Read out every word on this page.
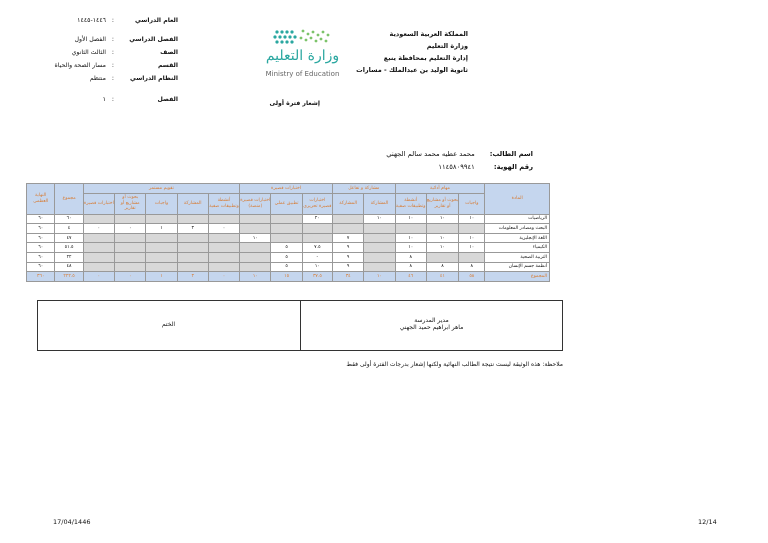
المملكة العربية السعودية
وزارة التعليم
إدارة التعليم بمحافظة ينبع
ثانوية الوليد بن عبدالملك - مسارات
وزارة التعليم
Ministry of Education
العام الدراسي
:
١٤٤٦-١٤٤٥
الفصل الدراسي
:
الفصل الأول
الصف
:
الثالث الثانوي
القسم
:
مسار الصحة والحياة
النظام الدراسي
:
منتظم
الفصل
:
١
إشعار فترة أولى
اسم الطالب: محمد عطيه محمد سالم الجهني
رقم الهوية: ١١٤٥٨٠٩٩٤١
المادة	مهام أدائية			مشاركة و تفاعل		اختبارات قصيرة			تقويم مستمر					مجموع	النهاية العظمى
	واجبات	بحوث أو مشاريع أو تقارير	أنشطة وتطبيقات صفية	المشاركة	المشاركة	اختبارات قصيرة تحريري	تطبيق عملي	اختبارات قصيرة (منصة)	أنشطة وتطبيقات صفية	المشاركة	واجبات	بحوث أو مشاريع أو تقارير	اختبارات قصيرة		
الرياضيات	١٠	١٠	١٠	١٠		٢٠								٦٠	٦٠
البحث ومصادر المعلومات									٠	٣	١	٠	٠	٤	٦٠
اللغة الإنجليزية	١٠	١٠	١٠		٧			١٠						٤٧	٦٠
الكيمياء	١٠	١٠	١٠		٩	٧.٥	٥							٥١.٥	٦٠
التربية الصحية			٨		٩	-	٥							٢٢	٦٠
أنظمة جسم الإنسان	٨	٨	٨		٩	١٠	٥							٤٨	٦٠
المجموع	٥٨	٤١	٤٦	١٠	٣٤	٣٧.٥	١٥	١٠	٠	٣	١	٠	٠	٢٢٢.٥	٣٦٠
مدير المدرسة
ماهر ابراهيم حميد الجهني
الختم
ملاحظة: هذه الوثيقة ليست نتيجة الطالب النهائية ولكنها إشعار بدرجات الفترة أولى فقط
17/04/1446	12/14
